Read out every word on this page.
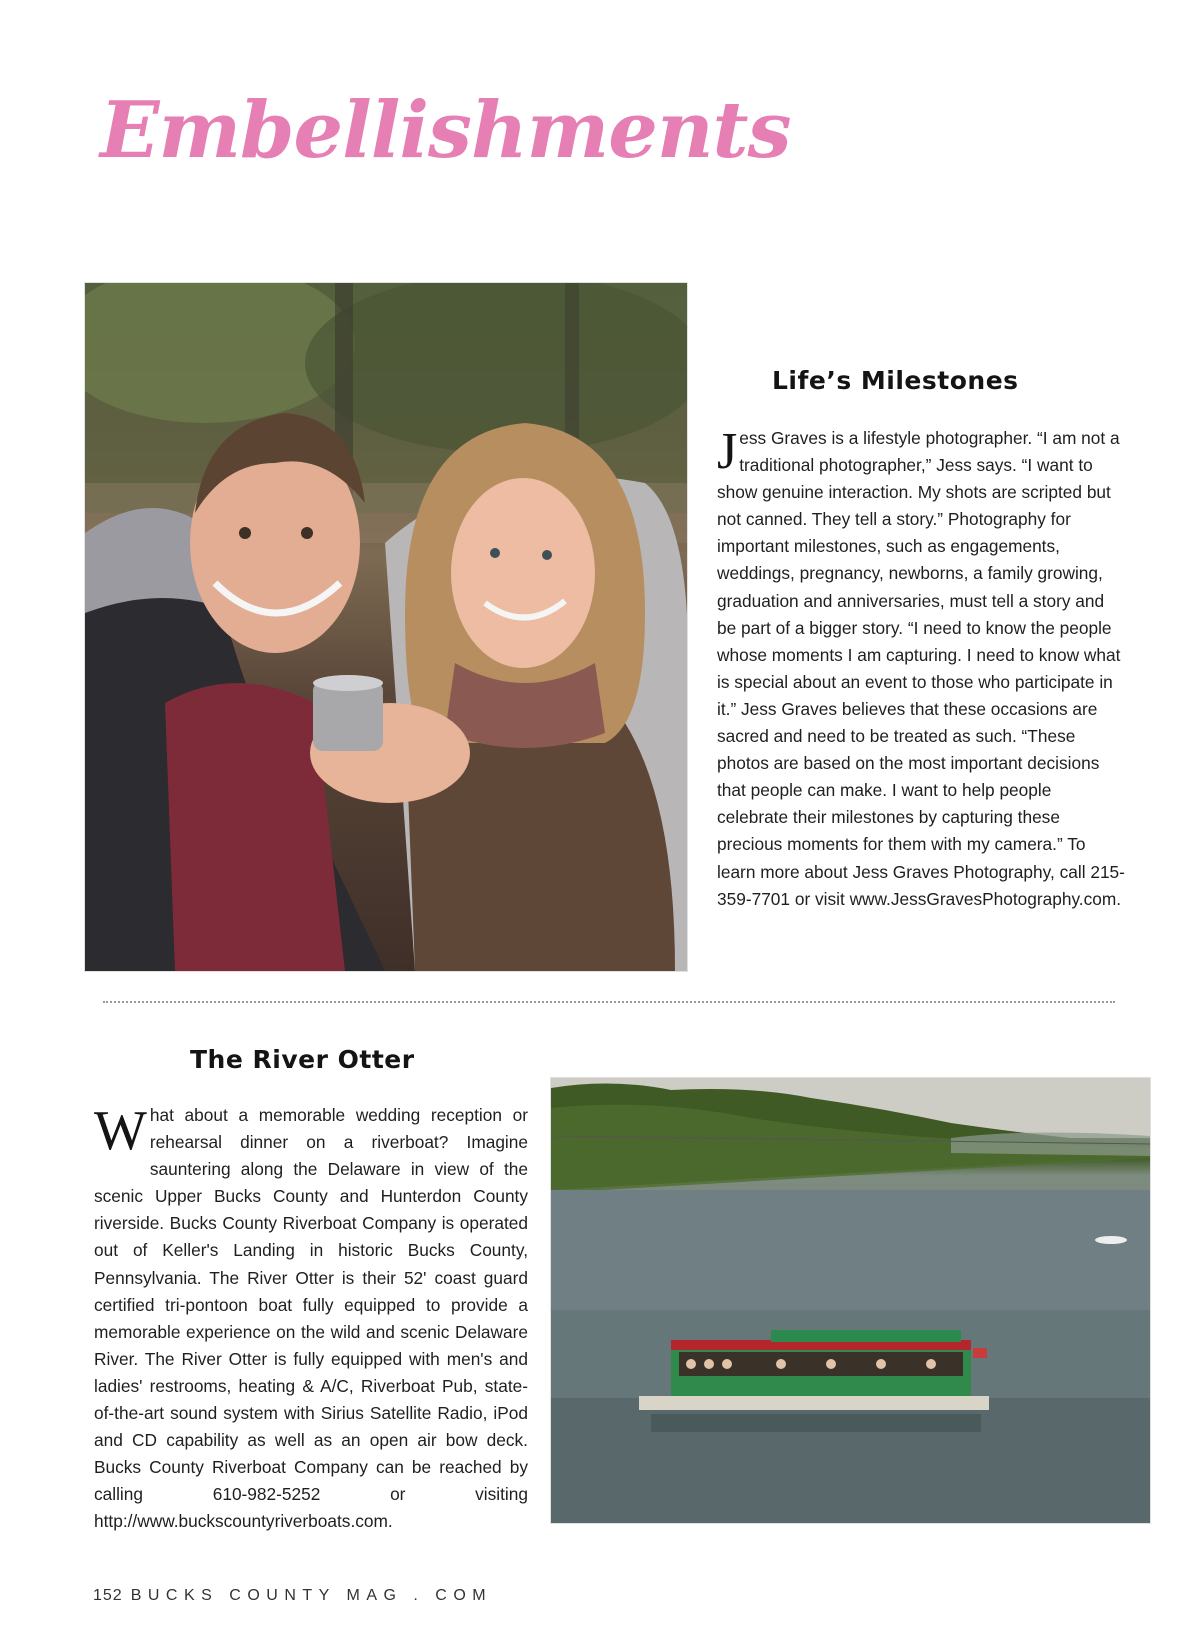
Embellishments
Life’s Milestones

Jess Graves is a lifestyle photographer. “I am not a traditional photographer,” Jess says. “I want to show genuine interaction. My shots are scripted but not canned. They tell a story.” Photography for important milestones, such as engagements, weddings, pregnancy, newborns, a family growing, graduation and anniversaries, must tell a story and be part of a bigger story. “I need to know the people whose moments I am capturing. I need to know what is special about an event to those who participate in it.” Jess Graves believes that these occasions are sacred and need to be treated as such. “These photos are based on the most important decisions that people can make. I want to help people celebrate their milestones by capturing these precious moments for them with my camera.” To learn more about Jess Graves Photography, call 215-359-7701 or visit www.JessGravesPhotography.com.

The River Otter

What about a memorable wedding reception or rehearsal dinner on a riverboat? Imagine sauntering along the Delaware in view of the scenic Upper Bucks County and Hunterdon County riverside. Bucks County Riverboat Company is operated out of Keller's Landing in historic Bucks County, Pennsylvania. The River Otter is their 52' coast guard certified tri-pontoon boat fully equipped to provide a memorable experience on the wild and scenic Delaware River. The River Otter is fully equipped with men's and ladies' restrooms, heating & A/C, Riverboat Pub, state-of-the-art sound system with Sirius Satellite Radio, iPod and CD capability as well as an open air bow deck. Bucks County Riverboat Company can be reached by calling 610-982-5252 or visiting http://www.buckscountyriverboats.com.

152 BUCKS COUNTY MAG . COM
